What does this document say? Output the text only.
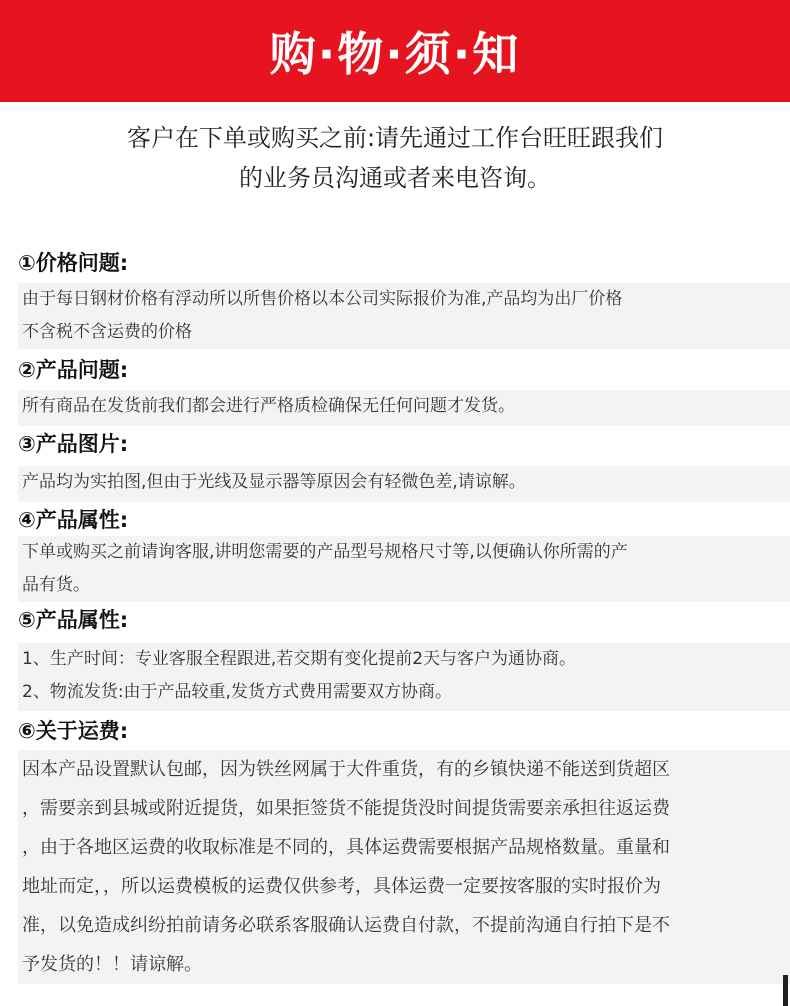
购·物·须·知
客户在下单或购买之前:请先通过工作台旺旺跟我们
的业务员沟通或者来电咨询。
①价格问题:

由于每日钢材价格有浮动所以所售价格以本公司实际报价为准,产品均为出厂价格

不含税不含运费的价格

②产品问题:

所有商品在发货前我们都会进行严格质检确保无任何问题才发货。

③产品图片:

产品均为实拍图,但由于光线及显示器等原因会有轻微色差,请谅解。

④产品属性:

下单或购买之前请询客服,讲明您需要的产品型号规格尺寸等,以便确认你所需的产

品有货。

⑤产品属性:

1、生产时间：专业客服全程跟进,若交期有变化提前2天与客户为通协商。

2、物流发货:由于产品较重,发货方式费用需要双方协商。

⑥关于运费:

因本产品设置默认包邮，因为铁丝网属于大件重货，有的乡镇快递不能送到货超区

，需要亲到县城或附近提货，如果拒签货不能提货没时间提货需要亲承担往返运费

，由于各地区运费的收取标准是不同的，具体运费需要根据产品规格数量。重量和

地址而定，，所以运费模板的运费仅供参考，具体运费一定要按客服的实时报价为

准，以免造成纠纷拍前请务必联系客服确认运费自付款，不提前沟通自行拍下是不

予发货的！！请谅解。
